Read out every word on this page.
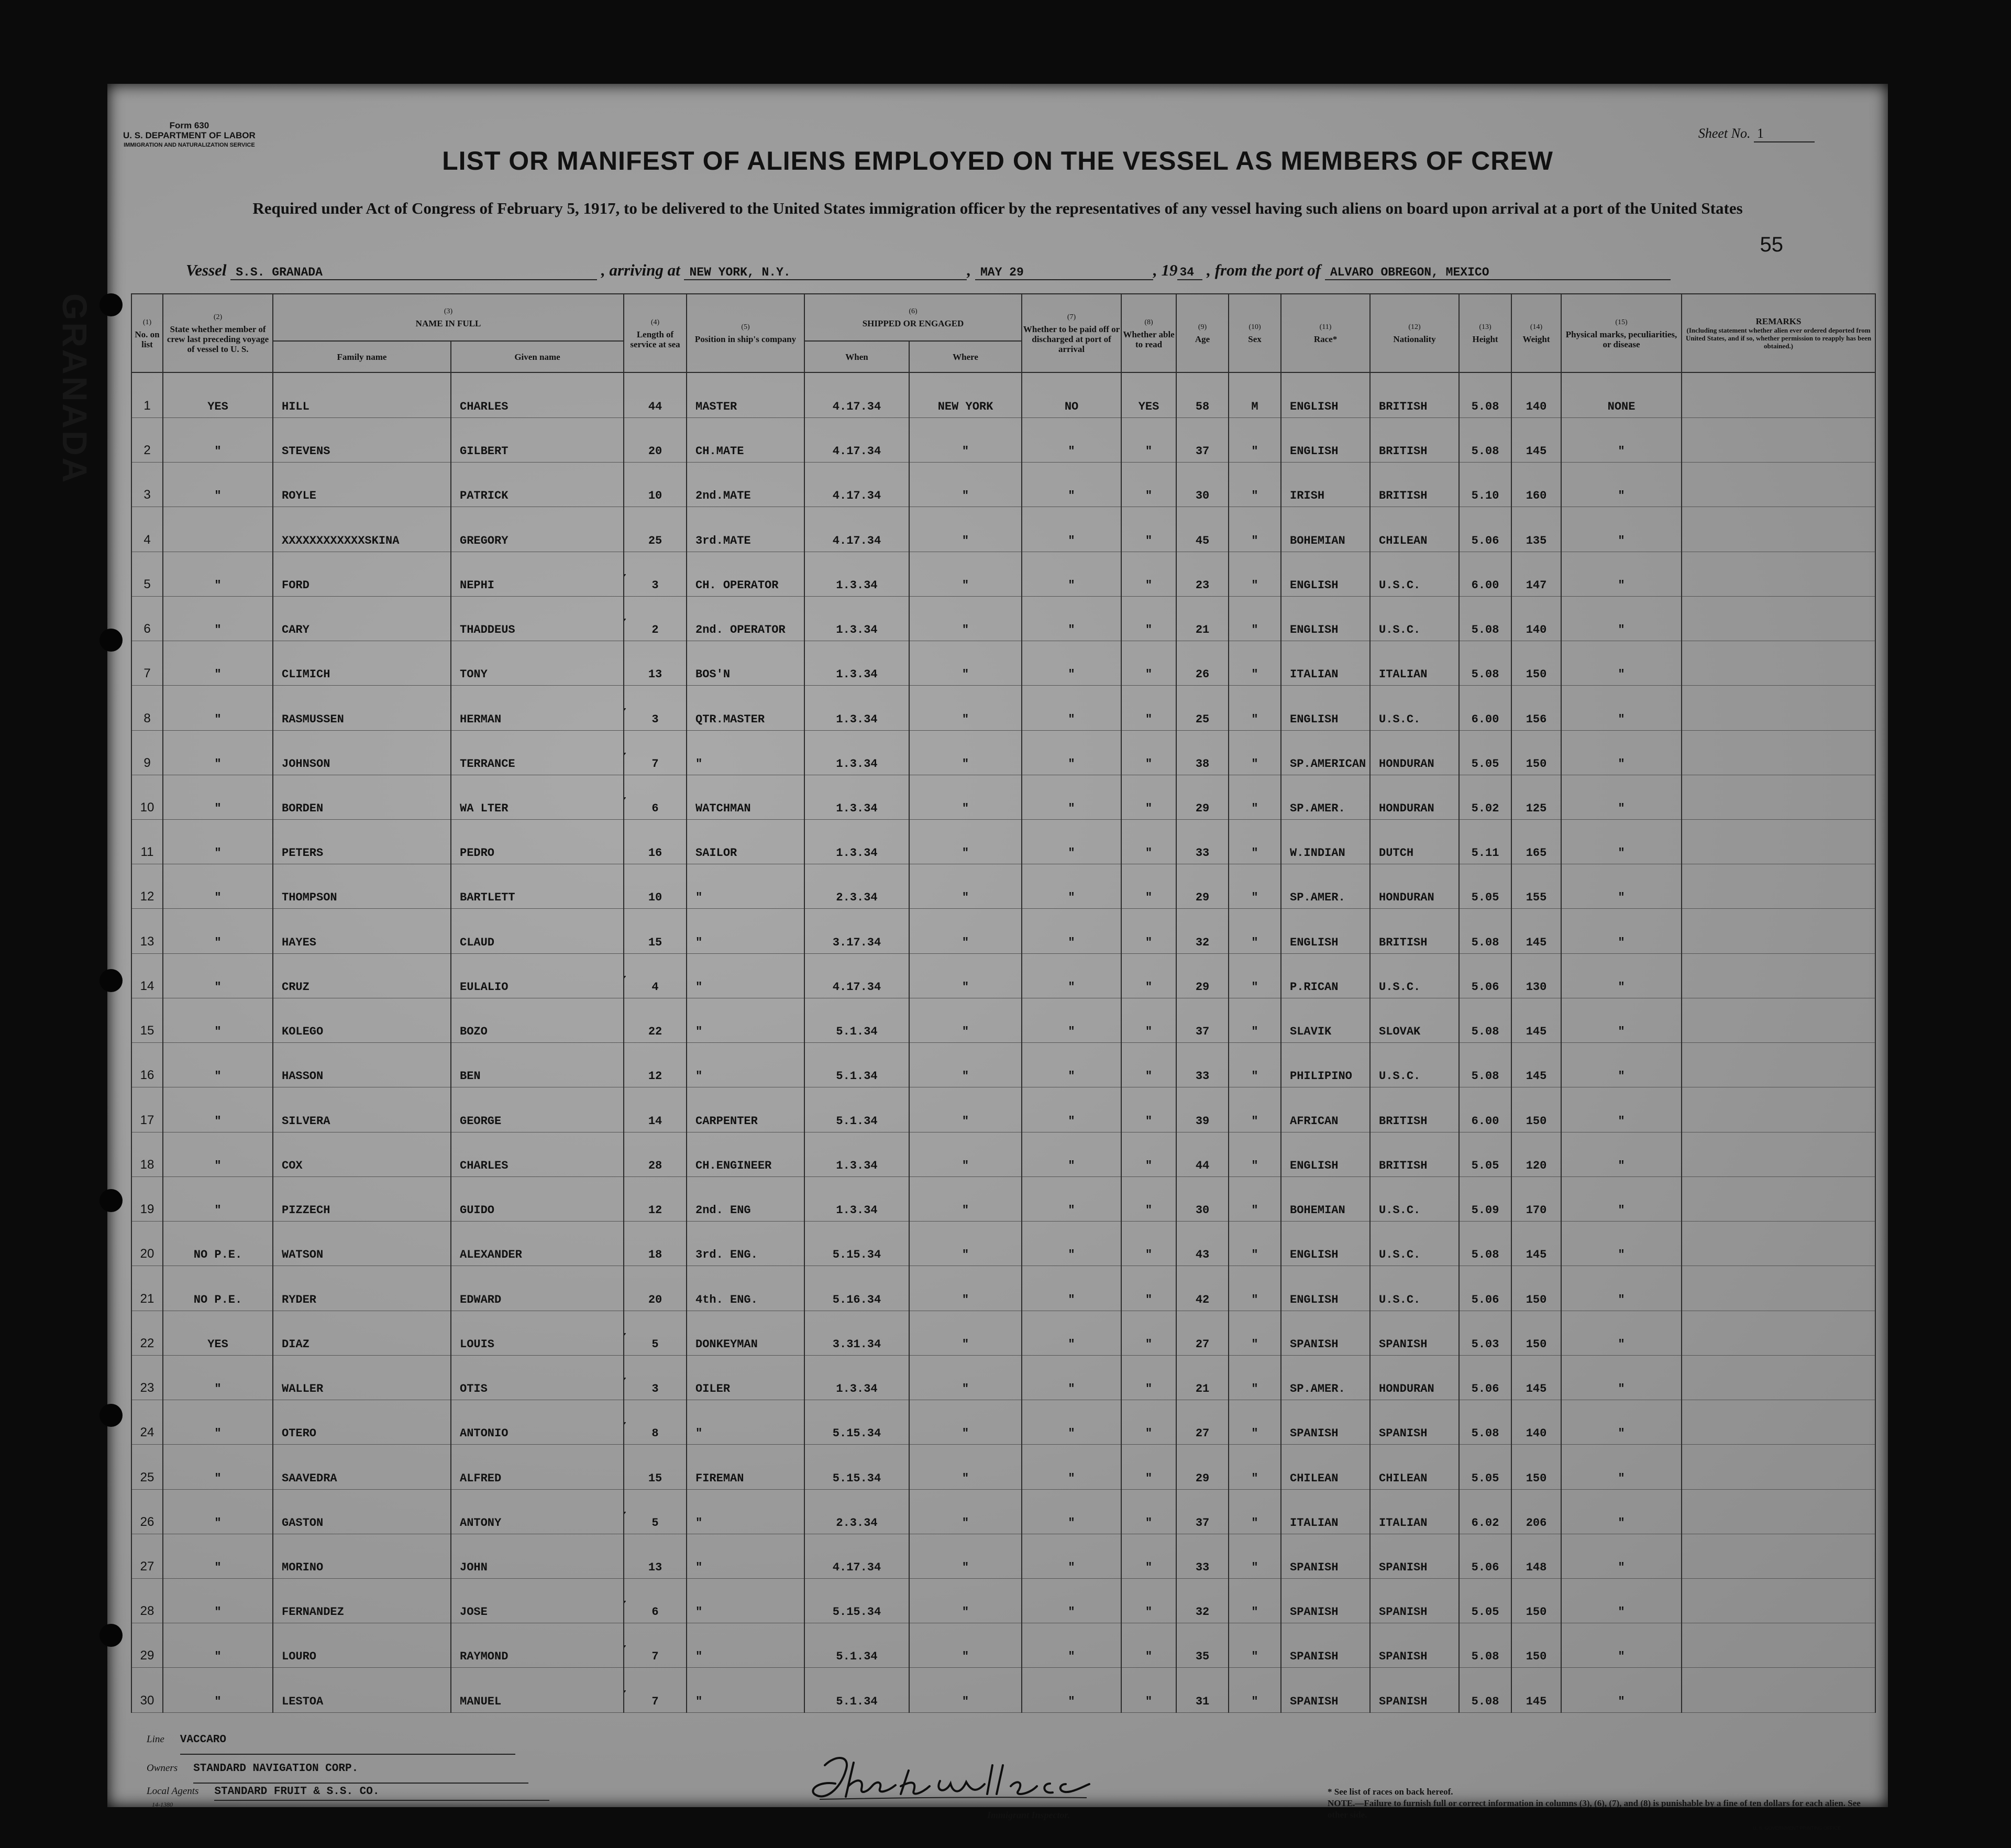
Form 630
U. S. DEPARTMENT OF LABOR
IMMIGRATION AND NATURALIZATION SERVICE
Sheet No. 1
LIST OR MANIFEST OF ALIENS EMPLOYED ON THE VESSEL AS MEMBERS OF CREW
Required under Act of Congress of February 5, 1917, to be delivered to the United States immigration officer by the representatives of any vessel having such aliens on board upon arrival at a port of the United States
55
Vessel S.S. GRANADA	, arriving at NEW YORK, N.Y.	, MAY 29	, 19 34 , from the port of ALVARO OBREGON, MEXICO
(1)
No. on list	(2)
State whether member of crew last preceding voyage of vessel to U. S.	(3)
NAME IN FULL		(4)
Length of service at sea	(5)
Position in ship's company	(6)
SHIPPED OR ENGAGED		(7)
Whether to be paid off or discharged at port of arrival	(8)
Whether able to read	(9)
Age	(10)
Sex	(11)
Race*	(12)
Nationality	(13)
Height	(14)
Weight	(15)
Physical marks, peculiarities, or disease	REMARKS
(Including statement whether alien ever ordered deported from United States, and if so, whether permission to reapply has been obtained.)

		Family name	Given name			When	Where										
1	YES	HILL	CHARLES	✓ 44	MASTER	4.17.34	NEW YORK	NO	YES	58	M	ENGLISH	BRITISH	5.08	140	NONE	
2	"	STEVENS	GILBERT	✓ 20	CH.MATE	4.17.34	"	"	"	37	"	ENGLISH	BRITISH	5.08	145	"	
3	"	ROYLE	PATRICK	✓ 10	2nd.MATE	4.17.34	"	"	"	30	"	IRISH	BRITISH	5.10	160	"	
4		XXXXXXXXXXXXSKINA	GREGORY	✓ 25	3rd.MATE	4.17.34	"	"	"	45	"	BOHEMIAN	CHILEAN	5.06	135	"	
5	"	FORD	NEPHI	✓ 3	CH. OPERATOR	1.3.34	"	"	"	23	"	ENGLISH	U.S.C.	6.00	147	"	
6	"	CARY	THADDEUS	✓ 2	2nd. OPERATOR	1.3.34	"	"	"	21	"	ENGLISH	U.S.C.	5.08	140	"	
7	"	CLIMICH	TONY	✓ 13	BOS'N	1.3.34	"	"	"	26	"	ITALIAN	ITALIAN	5.08	150	"	
8	"	RASMUSSEN	HERMAN	✓ 3	QTR.MASTER	1.3.34	"	"	"	25	"	ENGLISH	U.S.C.	6.00	156	"	
9	"	JOHNSON	TERRANCE	✓ 7	"	1.3.34	"	"	"	38	"	SP.AMERICAN	HONDURAN	5.05	150	"	
10	"	BORDEN	WA LTER	✓ 6	WATCHMAN	1.3.34	"	"	"	29	"	SP.AMER.	HONDURAN	5.02	125	"	
11	"	PETERS	PEDRO	✓ 16	SAILOR	1.3.34	"	"	"	33	"	W.INDIAN	DUTCH	5.11	165	"	
12	"	THOMPSON	BARTLETT	✓ 10	"	2.3.34	"	"	"	29	"	SP.AMER.	HONDURAN	5.05	155	"	
13	"	HAYES	CLAUD	✓ 15	"	3.17.34	"	"	"	32	"	ENGLISH	BRITISH	5.08	145	"	
14	"	CRUZ	EULALIO	✓ 4	"	4.17.34	"	"	"	29	"	P.RICAN	U.S.C.	5.06	130	"	
15	"	KOLEGO	BOZO	✓ 22	"	5.1.34	"	"	"	37	"	SLAVIK	SLOVAK	5.08	145	"	
16	"	HASSON	BEN	✓ 12	"	5.1.34	"	"	"	33	"	PHILIPINO	U.S.C.	5.08	145	"	
17	"	SILVERA	GEORGE	✓ 14	CARPENTER	5.1.34	"	"	"	39	"	AFRICAN	BRITISH	6.00	150	"	
18	"	COX	CHARLES	✓ 28	CH.ENGINEER	1.3.34	"	"	"	44	"	ENGLISH	BRITISH	5.05	120	"	
19	"	PIZZECH	GUIDO	✓ 12	2nd. ENG	1.3.34	"	"	"	30	"	BOHEMIAN	U.S.C.	5.09	170	"	
20	NO P.E.	WATSON	ALEXANDER	✓ 18	3rd. ENG.	5.15.34	"	"	"	43	"	ENGLISH	U.S.C.	5.08	145	"	
21	NO P.E.	RYDER	EDWARD	✓ 20	4th. ENG.	5.16.34	"	"	"	42	"	ENGLISH	U.S.C.	5.06	150	"	
22	YES	DIAZ	LOUIS	✓ 5	DONKEYMAN	3.31.34	"	"	"	27	"	SPANISH	SPANISH	5.03	150	"	
23	"	WALLER	OTIS	✓ 3	OILER	1.3.34	"	"	"	21	"	SP.AMER.	HONDURAN	5.06	145	"	
24	"	OTERO	ANTONIO	✓ 8	"	5.15.34	"	"	"	27	"	SPANISH	SPANISH	5.08	140	"	
25	"	SAAVEDRA	ALFRED	✓ 15	FIREMAN	5.15.34	"	"	"	29	"	CHILEAN	CHILEAN	5.05	150	"	
26	"	GASTON	ANTONY	✓ 5	"	2.3.34	"	"	"	37	"	ITALIAN	ITALIAN	6.02	206	"	
27	"	MORINO	JOHN	✓ 13	"	4.17.34	"	"	"	33	"	SPANISH	SPANISH	5.06	148	"	
28	"	FERNANDEZ	JOSE	✓ 6	"	5.15.34	"	"	"	32	"	SPANISH	SPANISH	5.05	150	"	
29	"	LOURO	RAYMOND	✓ 7	"	5.1.34	"	"	"	35	"	SPANISH	SPANISH	5.08	150	"	
30	"	LESTOA	MANUEL	✓ 7	"	5.1.34	"	"	"	31	"	SPANISH	SPANISH	5.08	145	"	
Line VACCARO
Owners STANDARD NAVIGATION CORP.
Local Agents STANDARD FRUIT & S.S. CO.
14-1380
Immigrant Inspector.
* See list of races on back hereof.
NOTE.—Failure to furnish full or correct information in columns (3), (6), (7), and (8) is punishable by a fine of ten dollars for each alien. See other side.
U. S. GOVERNMENT PRINTING OFFICE
GRANADA
